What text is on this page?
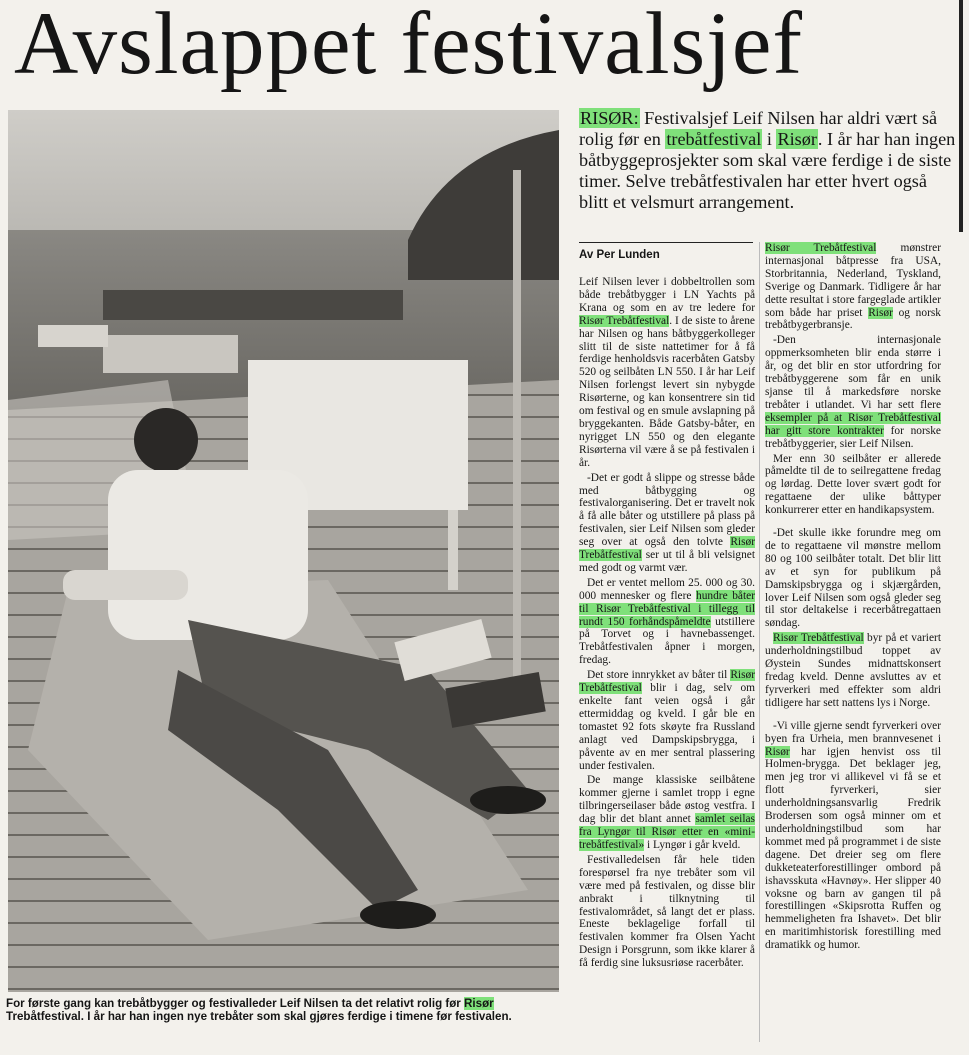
Avslappet festivalsjef
For første gang kan trebåtbygger og festivalleder Leif Nilsen ta det relativt rolig før Risør Trebåtfestival. I år har han ingen nye trebåter som skal gjøres ferdige i timene før festivalen.
RISØR: Festivalsjef Leif Nilsen har aldri vært så rolig før en trebåtfestival i Risør. I år har han ingen båtbyggeprosjekter som skal være ferdige i de siste timer. Selve trebåtfestivalen har etter hvert også blitt et velsmurt arrangement.
Av Per Lunden

Leif Nilsen lever i dobbeltrollen som både trebåtbygger i LN Yachts på Krana og som en av tre ledere for Risør Trebåtfestival. I de siste to årene har Nilsen og hans båtbyggerkolleger slitt til de siste nattetimer for å få ferdige henholdsvis racerbåten Gatsby 520 og seilbåten LN 550. I år har Leif Nilsen forlengst levert sin nybygde Risørterne, og kan konsentrere sin tid om festival og en smule avslapning på bryggekanten. Både Gatsby-båter, en nyrigget LN 550 og den elegante Risørterna vil være å se på festivalen i år.

-Det er godt å slippe og stresse både med båtbygging og festivalorganisering. Det er travelt nok å få alle båter og utstillere på plass på festivalen, sier Leif Nilsen som gleder seg over at også den tolvte Risør Trebåtfestival ser ut til å bli velsignet med godt og varmt vær.

Det er ventet mellom 25. 000 og 30. 000 mennesker og flere hundre båter til Risør Trebåtfestival i tillegg til rundt 150 forhåndspåmeldte utstillere på Torvet og i havnebassenget. Trebåtfestivalen åpner i morgen, fredag.

Det store innrykket av båter til Risør Trebåtfestival blir i dag, selv om enkelte fant veien også i går ettermiddag og kveld. I går ble en tomastet 92 fots skøyte fra Russland anlagt ved Dampskipsbrygga, i påvente av en mer sentral plassering under festivalen.

De mange klassiske seilbåtene kommer gjerne i samlet tropp i egne tilbringerseilaser både østog vestfra. I dag blir det blant annet samlet seilas fra Lyngør til Risør etter en «mini-trebåtfestival» i Lyngør i går kveld.

Festivalledelsen får hele tiden forespørsel fra nye trebåter som vil være med på festivalen, og disse blir anbrakt i tilknytning til festivalområdet, så langt det er plass. Eneste beklagelige forfall til festivalen kommer fra Olsen Yacht Design i Porsgrunn, som ikke klarer å få ferdig sine luksusriøse racerbåter.

Risør Trebåtfestival mønstrer internasjonal båtpresse fra USA, Storbritannia, Nederland, Tyskland, Sverige og Danmark. Tidligere år har dette resultat i store fargeglade artikler som både har priset Risør og norsk trebåtbygerbransje.

-Den internasjonale oppmerksomheten blir enda større i år, og det blir en stor utfordring for trebåtbyggerene som får en unik sjanse til å markedsføre norske trebåter i utlandet. Vi har sett flere eksempler på at Risør Trebåtfestival har gitt store kontrakter for norske trebåtbyggerier, sier Leif Nilsen.

Mer enn 30 seilbåter er allerede påmeldte til de to seilregattene fredag og lørdag. Dette lover svært godt for regattaene der ulike båttyper konkurrerer etter en handikapsystem.

-Det skulle ikke forundre meg om de to regattaene vil mønstre mellom 80 og 100 seilbåter totalt. Det blir litt av et syn for publikum på Damskipsbrygga og i skjærgården, lover Leif Nilsen som også gleder seg til stor deltakelse i recerbåtregattaen søndag.

Risør Trebåtfestival byr på et variert underholdningstilbud toppet av Øystein Sundes midnattskonsert fredag kveld. Denne avsluttes av et fyrverkeri med effekter som aldri tidligere har sett nattens lys i Norge.

-Vi ville gjerne sendt fyrverkeri over byen fra Urheia, men brannvesenet i Risør har igjen henvist oss til Holmen-brygga. Det beklager jeg, men jeg tror vi allikevel vi få se et flott fyrverkeri, sier underholdningsansvarlig Fredrik Brodersen som også minner om et underholdningstilbud som har kommet med på programmet i de siste dagene. Det dreier seg om flere dukketeaterforestillinger ombord på ishavsskuta «Havnøy». Her slipper 40 voksne og barn av gangen til på forestillingen «Skipsrotta Ruffen og hemmeligheten fra Ishavet». Det blir en maritimhistorisk forestilling med dramatikk og humor.
